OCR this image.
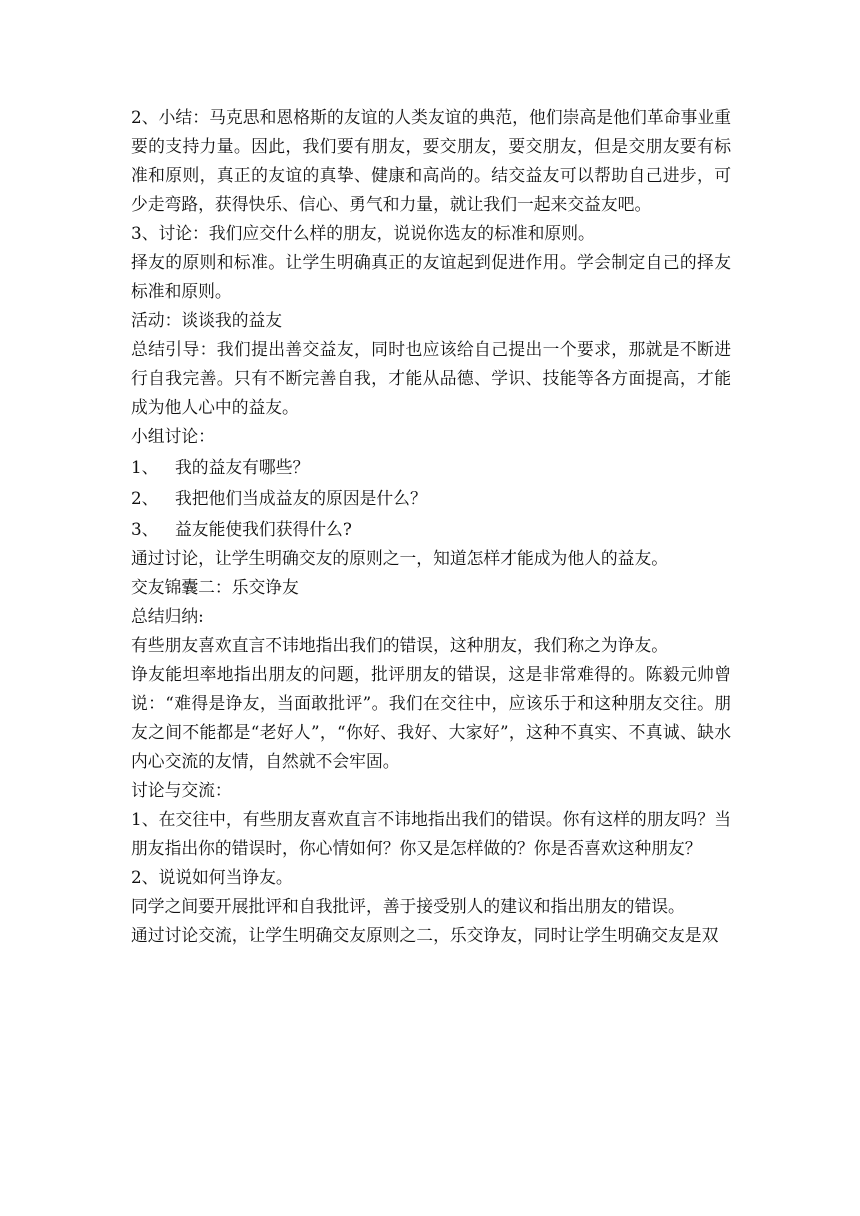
2、小结：马克思和恩格斯的友谊的人类友谊的典范，他们崇高是他们革命事业重要的支持力量。因此，我们要有朋友，要交朋友，要交朋友，但是交朋友要有标准和原则，真正的友谊的真挚、健康和高尚的。结交益友可以帮助自己进步，可少走弯路，获得快乐、信心、勇气和力量，就让我们一起来交益友吧。

3、讨论：我们应交什么样的朋友，说说你选友的标准和原则。

择友的原则和标准。让学生明确真正的友谊起到促进作用。学会制定自己的择友标准和原则。

活动：谈谈我的益友

总结引导：我们提出善交益友，同时也应该给自己提出一个要求，那就是不断进行自我完善。只有不断完善自我，才能从品德、学识、技能等各方面提高，才能成为他人心中的益友。

小组讨论：

1、 我的益友有哪些？
2、 我把他们当成益友的原因是什么？
3、 益友能使我们获得什么?

通过讨论，让学生明确交友的原则之一，知道怎样才能成为他人的益友。

交友锦囊二：乐交诤友

总结归纳:

有些朋友喜欢直言不讳地指出我们的错误，这种朋友，我们称之为诤友。

诤友能坦率地指出朋友的问题，批评朋友的错误，这是非常难得的。陈毅元帅曾说：“难得是诤友，当面敢批评”。我们在交往中，应该乐于和这种朋友交往。朋友之间不能都是“老好人”，“你好、我好、大家好”，这种不真实、不真诚、缺水内心交流的友情，自然就不会牢固。

讨论与交流：

1、在交往中，有些朋友喜欢直言不讳地指出我们的错误。你有这样的朋友吗？当朋友指出你的错误时，你心情如何？你又是怎样做的？你是否喜欢这种朋友？

2、说说如何当诤友。

同学之间要开展批评和自我批评，善于接受别人的建议和指出朋友的错误。

通过讨论交流，让学生明确交友原则之二，乐交诤友，同时让学生明确交友是双
